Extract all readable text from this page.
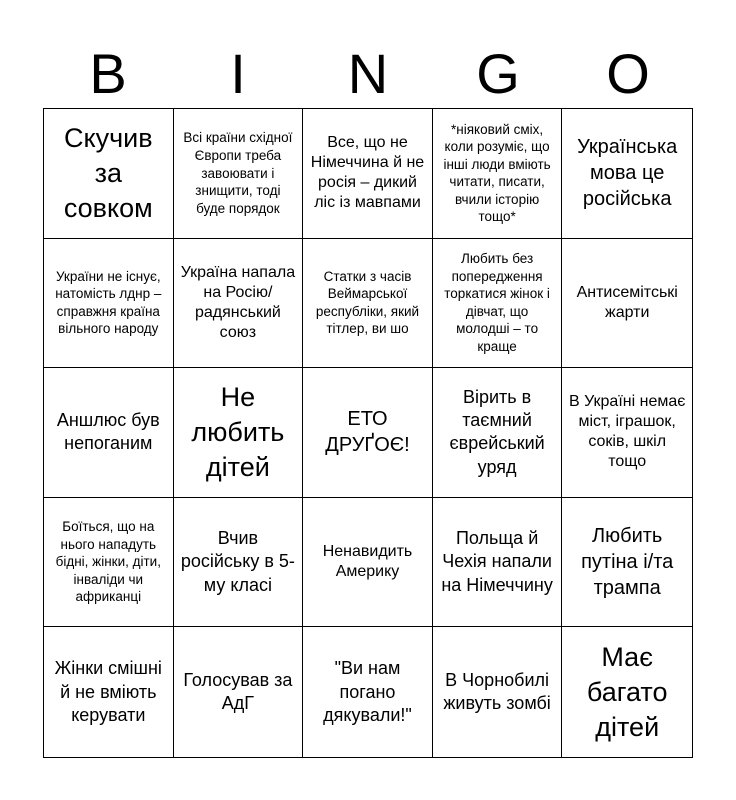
B	I	N	G	O
Скучив за совком
Всі країни східної Європи треба завоювати і знищити, тоді буде порядок
Все, що не Німеччина й не росія – дикий ліс із мавпами
*ніяковий сміх, коли розуміє, що інші люди вміють читати, писати, вчили історію тощо*
Українська мова це російська
України не існує, натомість лднр – справжня країна вільного народу
Україна напала на Росію/ радянський союз
Статки з часів Веймарської республіки, який тітлер, ви шо
Любить без попередження торкатися жінок і дівчат, що молодші – то краще
Антисемітські жарти
Аншлюс був непоганим
Не любить дітей
ЕТО ДРУҐОЄ!
Вірить в таємний єврейський уряд
В Україні немає міст, іграшок, соків, шкіл тощо
Боїться, що на нього нападуть бідні, жінки, діти, інваліди чи африканці
Вчив російську в 5-му класі
Ненавидить Америку
Польща й Чехія напали на Німеччину
Любить путіна і/та трампа
Жінки смішні й не вміють керувати
Голосував за АдГ
"Ви нам погано дякували!"
В Чорнобилі живуть зомбі
Має багато дітей
